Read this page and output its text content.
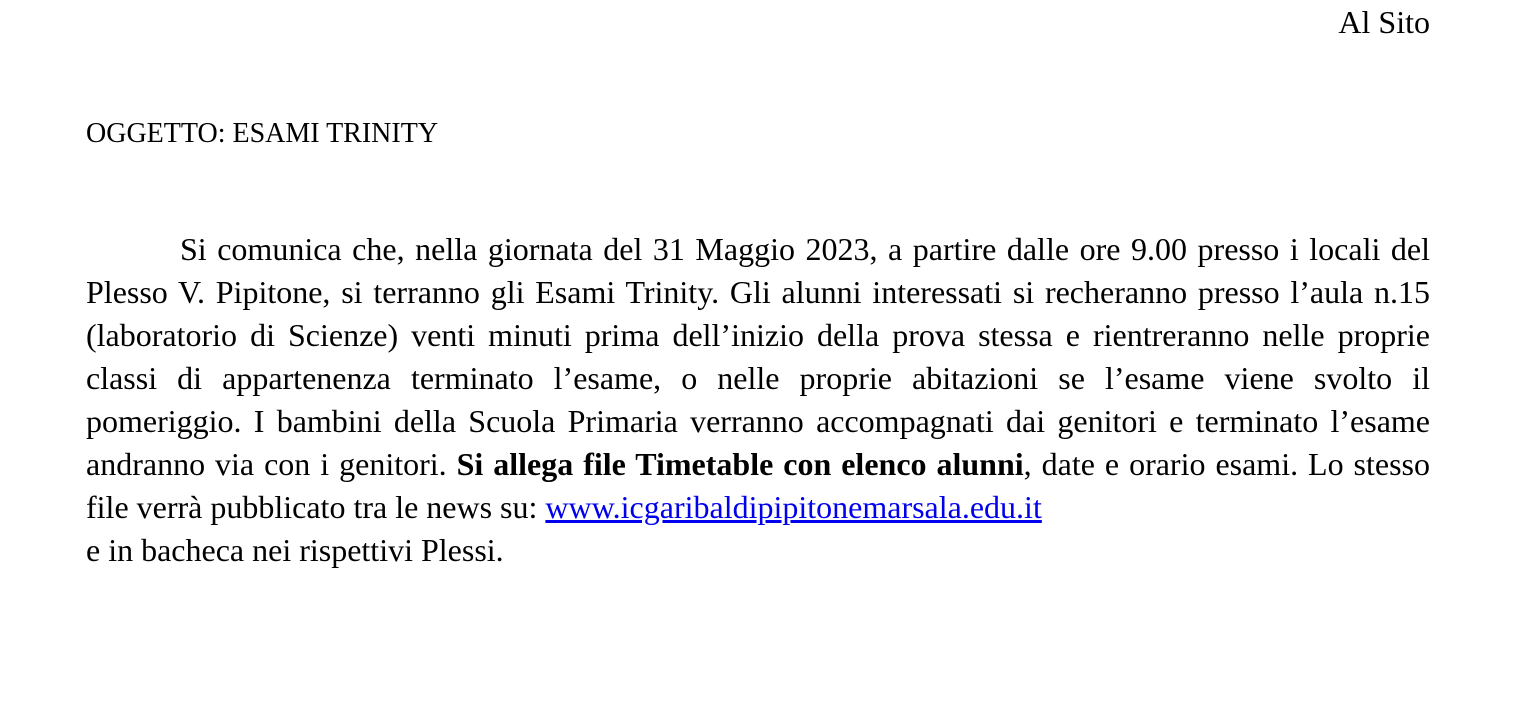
Al Sito
OGGETTO: ESAMI TRINITY

Si comunica che, nella giornata del 31 Maggio 2023, a partire dalle ore 9.00 presso i locali del Plesso V. Pipitone, si terranno gli Esami Trinity. Gli alunni interessati si recheranno presso l’aula n.15 (laboratorio di Scienze) venti minuti prima dell’inizio della prova stessa e rientreranno nelle proprie classi di appartenenza terminato l’esame, o nelle proprie abitazioni se l’esame viene svolto il pomeriggio. I bambini della Scuola Primaria verranno accompagnati dai genitori e terminato l’esame andranno via con i genitori. Si allega file Timetable con elenco alunni, date e orario esami. Lo stesso file verrà pubblicato tra le news su: www.icgaribaldipipitonemarsala.edu.it
e in bacheca nei rispettivi Plessi.
